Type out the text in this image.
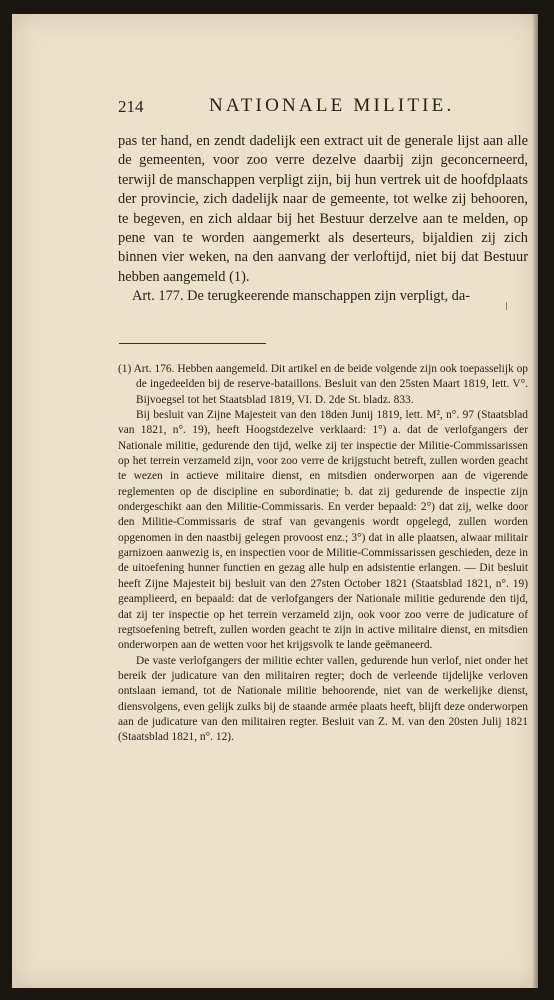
214	NATIONALE MILITIE.

pas ter hand, en zendt dadelijk een extract uit de generale lijst aan alle de gemeenten, voor zoo verre dezelve daarbij zijn geconcerneerd, terwijl de manschappen verpligt zijn, bij hun vertrek uit de hoofdplaats der provincie, zich dadelijk naar de gemeente, tot welke zij behooren, te begeven, en zich aldaar bij het Bestuur derzelve aan te melden, op pene van te worden aangemerkt als deserteurs, bijaldien zij zich binnen vier weken, na den aanvang der verloftijd, niet bij dat Bestuur hebben aangemeld (1).

Art. 177. De terugkeerende manschappen zijn verpligt, da-

(1) Art. 176. Hebben aangemeld. Dit artikel en de beide volgende zijn ook toepasselijk op de ingedeelden bij de reserve-bataillons. Besluit van den 25sten Maart 1819, lett. V°. Bijvoegsel tot het Staatsblad 1819, VI. D. 2de St. bladz. 833.

Bij besluit van Zijne Majesteit van den 18den Junij 1819, lett. M², n°. 97 (Staatsblad van 1821, n°. 19), heeft Hoogstdezelve verklaard: 1°) a. dat de verlofgangers der Nationale militie, gedurende den tijd, welke zij ter inspectie der Militie-Commissarissen op het terrein verzameld zijn, voor zoo verre de krijgstucht betreft, zullen worden geacht te wezen in actieve militaire dienst, en mitsdien onderworpen aan de vigerende reglementen op de discipline en subordinatie; b. dat zij gedurende de inspectie zijn ondergeschikt aan den Militie-Commissaris. En verder bepaald: 2°) dat zij, welke door den Militie-Commissaris de straf van gevangenis wordt opgelegd, zullen worden opgenomen in den naastbij gelegen provoost enz.; 3°) dat in alle plaatsen, alwaar militair garnizoen aanwezig is, en inspectien voor de Militie-Commissarissen geschieden, deze in de uitoefening hunner functien en gezag alle hulp en adsistentie erlangen. — Dit besluit heeft Zijne Majesteit bij besluit van den 27sten October 1821 (Staatsblad 1821, n°. 19) geamplieerd, en bepaald: dat de verlofgangers der Nationale militie gedurende den tijd, dat zij ter inspectie op het terrein verzameld zijn, ook voor zoo verre de judicature of regtsoefening betreft, zullen worden geacht te zijn in active militaire dienst, en mitsdien onderworpen aan de wetten voor het krijgsvolk te lande geëmaneerd.

De vaste verlofgangers der militie echter vallen, gedurende hun verlof, niet onder het bereik der judicature van den militairen regter; doch de verleende tijdelijke verloven ontslaan iemand, tot de Nationale militie behoorende, niet van de werkelijke dienst, diensvolgens, even gelijk zulks bij de staande armée plaats heeft, blijft deze onderworpen aan de judicature van den militairen regter. Besluit van Z. M. van den 20sten Julij 1821 (Staatsblad 1821, n°. 12).
